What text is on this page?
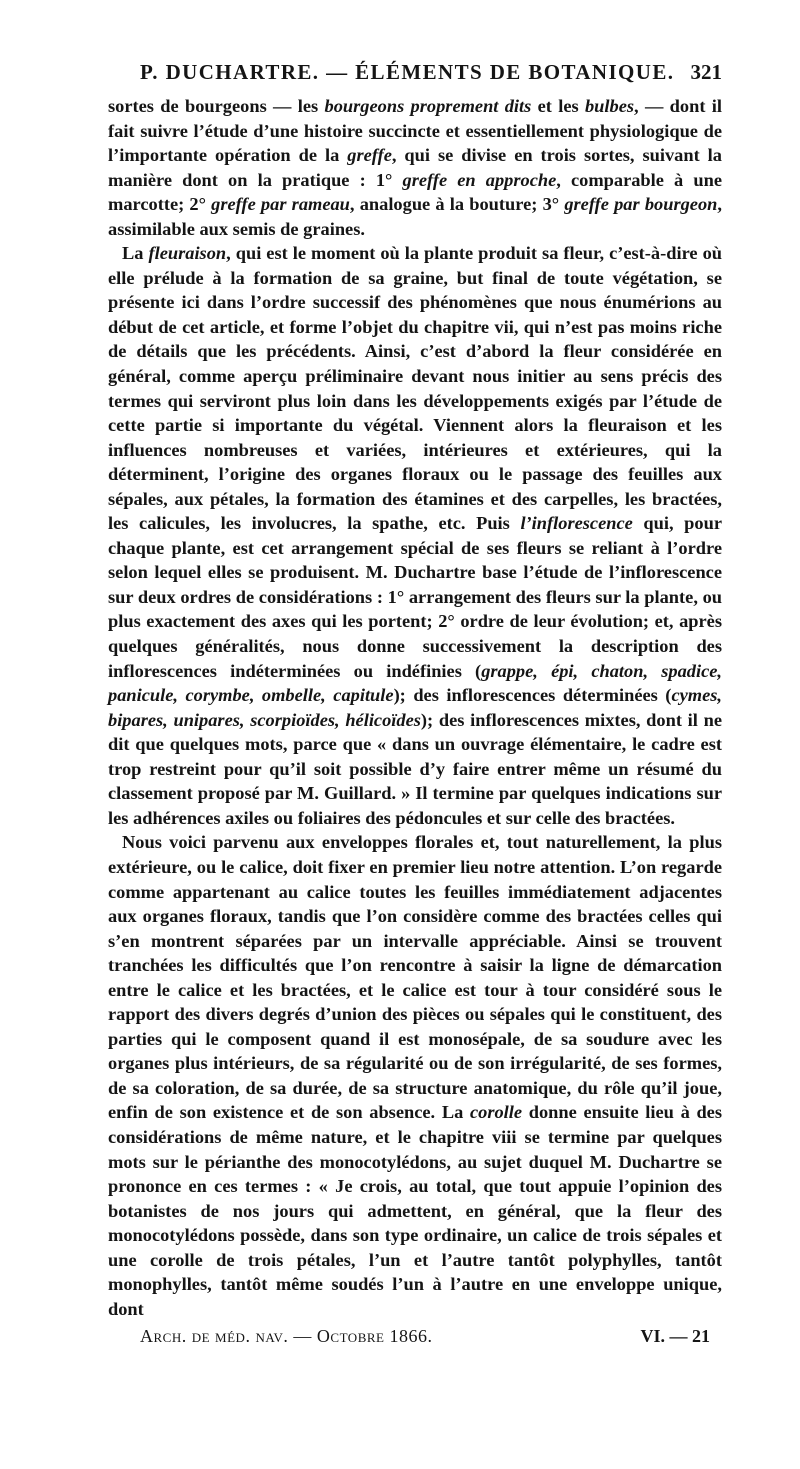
P. DUCHARTRE. — ÉLÉMENTS DE BOTANIQUE. 321

sortes de bourgeons — les bourgeons proprement dits et les bulbes, — dont il fait suivre l’étude d’une histoire succincte et essentiellement physiologique de l’importante opération de la greffe, qui se divise en trois sortes, suivant la manière dont on la pratique : 1° greffe en approche, comparable à une marcotte; 2° greffe par rameau, analogue à la bouture; 3° greffe par bourgeon, assimilable aux semis de graines.

La fleuraison, qui est le moment où la plante produit sa fleur, c’est-à-dire où elle prélude à la formation de sa graine, but final de toute végétation, se présente ici dans l’ordre successif des phénomènes que nous énumérions au début de cet article, et forme l’objet du chapitre vii, qui n’est pas moins riche de détails que les précédents. Ainsi, c’est d’abord la fleur considérée en général, comme aperçu préliminaire devant nous initier au sens précis des termes qui serviront plus loin dans les développements exigés par l’étude de cette partie si importante du végétal. Viennent alors la fleuraison et les influences nombreuses et variées, intérieures et extérieures, qui la déterminent, l’origine des organes floraux ou le passage des feuilles aux sépales, aux pétales, la formation des étamines et des carpelles, les bractées, les calicules, les involucres, la spathe, etc. Puis l’inflorescence qui, pour chaque plante, est cet arrangement spécial de ses fleurs se reliant à l’ordre selon lequel elles se produisent. M. Duchartre base l’étude de l’inflorescence sur deux ordres de considérations : 1° arrangement des fleurs sur la plante, ou plus exactement des axes qui les portent; 2° ordre de leur évolution; et, après quelques généralités, nous donne successivement la description des inflorescences indéterminées ou indéfinies (grappe, épi, chaton, spadice, panicule, corymbe, ombelle, capitule); des inflorescences déterminées (cymes, bipares, unipares, scorpioïdes, hélicoïdes); des inflorescences mixtes, dont il ne dit que quelques mots, parce que « dans un ouvrage élémentaire, le cadre est trop restreint pour qu’il soit possible d’y faire entrer même un résumé du classement proposé par M. Guillard. » Il termine par quelques indications sur les adhérences axiles ou foliaires des pédoncules et sur celle des bractées.

Nous voici parvenu aux enveloppes florales et, tout naturellement, la plus extérieure, ou le calice, doit fixer en premier lieu notre attention. L’on regarde comme appartenant au calice toutes les feuilles immédiatement adjacentes aux organes floraux, tandis que l’on considère comme des bractées celles qui s’en montrent séparées par un intervalle appréciable. Ainsi se trouvent tranchées les difficultés que l’on rencontre à saisir la ligne de démarcation entre le calice et les bractées, et le calice est tour à tour considéré sous le rapport des divers degrés d’union des pièces ou sépales qui le constituent, des parties qui le composent quand il est monosépale, de sa soudure avec les organes plus intérieurs, de sa régularité ou de son irrégularité, de ses formes, de sa coloration, de sa durée, de sa structure anatomique, du rôle qu’il joue, enfin de son existence et de son absence. La corolle donne ensuite lieu à des considérations de même nature, et le chapitre viii se termine par quelques mots sur le périanthe des monocotylédons, au sujet duquel M. Duchartre se prononce en ces termes : « Je crois, au total, que tout appuie l’opinion des botanistes de nos jours qui admettent, en général, que la fleur des monocotylédons possède, dans son type ordinaire, un calice de trois sépales et une corolle de trois pétales, l’un et l’autre tantôt polyphylles, tantôt monophylles, tantôt même soudés l’un à l’autre en une enveloppe unique, dont

Arch. de méd. nav. — Octobre 1866.	VI. — 21
